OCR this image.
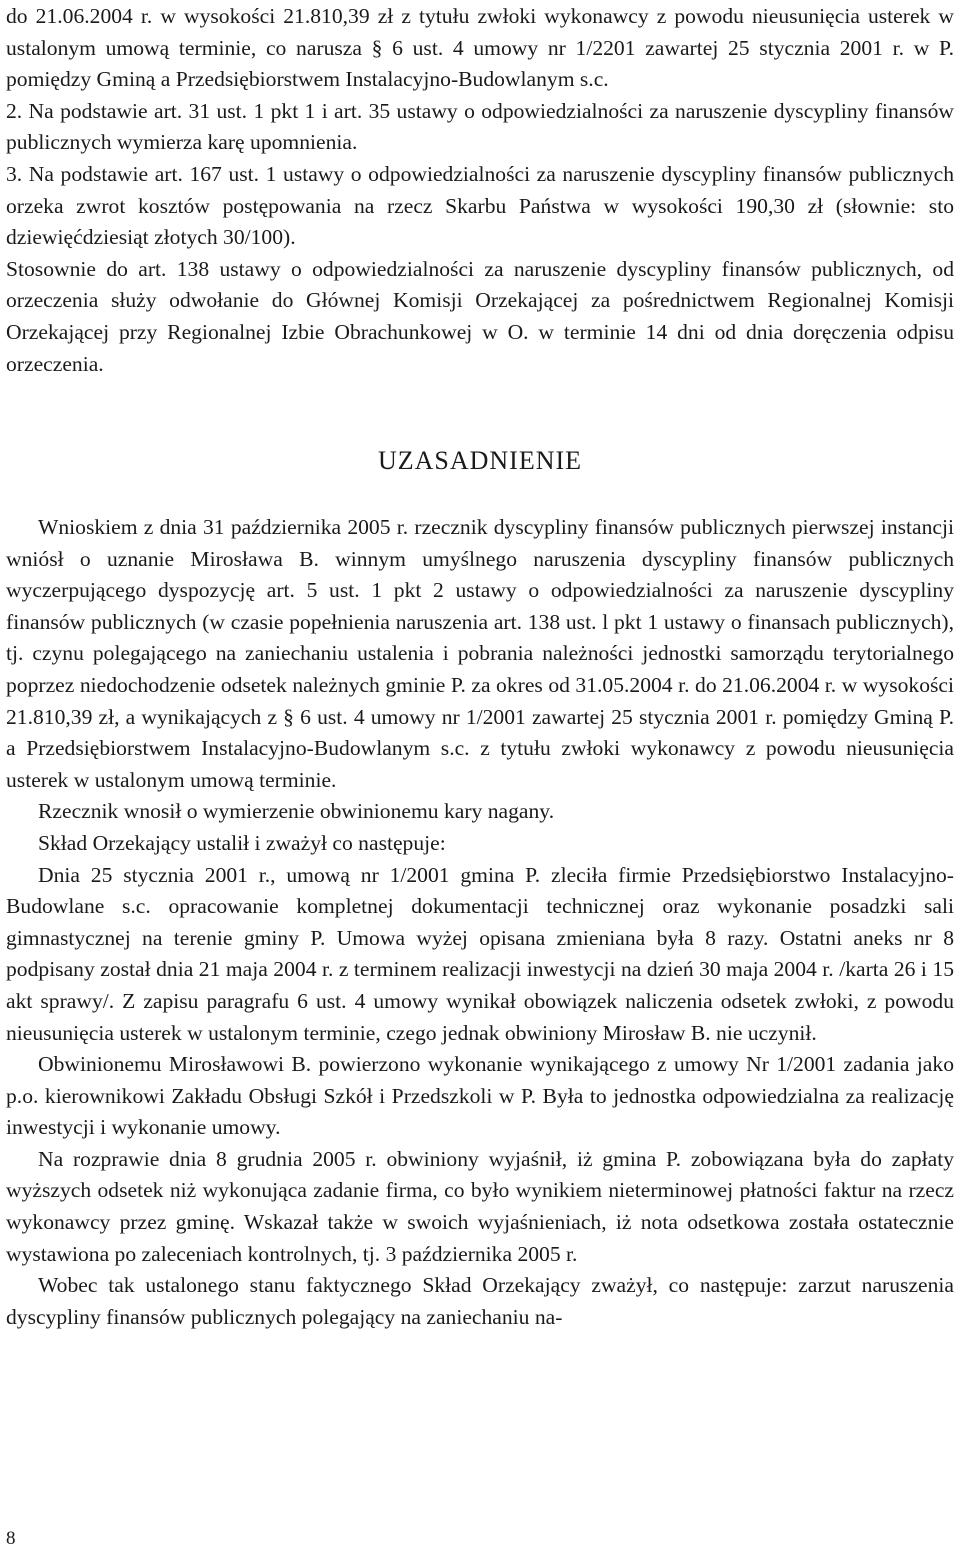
do 21.06.2004 r. w wysokości 21.810,39 zł z tytułu zwłoki wykonawcy z powodu nieusunięcia usterek w ustalonym umową terminie, co narusza § 6 ust. 4 umowy nr 1/2201 zawartej 25 stycznia 2001 r. w P. pomiędzy Gminą a Przedsiębiorstwem Instalacyjno-Budowlanym s.c.

2. Na podstawie art. 31 ust. 1 pkt 1 i art. 35 ustawy o odpowiedzialności za naruszenie dyscypliny finansów publicznych wymierza karę upomnienia.

3. Na podstawie art. 167 ust. 1 ustawy o odpowiedzialności za naruszenie dyscypliny finansów publicznych orzeka zwrot kosztów postępowania na rzecz Skarbu Państwa w wysokości 190,30 zł (słownie: sto dziewięćdziesiąt złotych 30/100).

Stosownie do art. 138 ustawy o odpowiedzialności za naruszenie dyscypliny finansów publicznych, od orzeczenia służy odwołanie do Głównej Komisji Orzekającej za pośrednictwem Regionalnej Komisji Orzekającej przy Regionalnej Izbie Obrachunkowej w O. w terminie 14 dni od dnia doręczenia odpisu orzeczenia.

UZASADNIENIE

Wnioskiem z dnia 31 października 2005 r. rzecznik dyscypliny finansów publicznych pierwszej instancji wniósł o uznanie Mirosława B. winnym umyślnego naruszenia dyscypliny finansów publicznych wyczerpującego dyspozycję art. 5 ust. 1 pkt 2 ustawy o odpowiedzialności za naruszenie dyscypliny finansów publicznych (w czasie popełnienia naruszenia art. 138 ust. l pkt 1 ustawy o finansach publicznych), tj. czynu polegającego na zaniechaniu ustalenia i pobrania należności jednostki samorządu terytorialnego poprzez niedochodzenie odsetek należnych gminie P. za okres od 31.05.2004 r. do 21.06.2004 r. w wysokości 21.810,39 zł, a wynikających z § 6 ust. 4 umowy nr 1/2001 zawartej 25 stycznia 2001 r. pomiędzy Gminą P. a Przedsiębiorstwem Instalacyjno-Budowlanym s.c. z tytułu zwłoki wykonawcy z powodu nieusunięcia usterek w ustalonym umową terminie.

Rzecznik wnosił o wymierzenie obwinionemu kary nagany.

Skład Orzekający ustalił i zważył co następuje:

Dnia 25 stycznia 2001 r., umową nr 1/2001 gmina P. zleciła firmie Przedsiębiorstwo Instalacyjno-Budowlane s.c. opracowanie kompletnej dokumentacji technicznej oraz wykonanie posadzki sali gimnastycznej na terenie gminy P. Umowa wyżej opisana zmieniana była 8 razy. Ostatni aneks nr 8 podpisany został dnia 21 maja 2004 r. z terminem realizacji inwestycji na dzień 30 maja 2004 r. /karta 26 i 15 akt sprawy/. Z zapisu paragrafu 6 ust. 4 umowy wynikał obowiązek naliczenia odsetek zwłoki, z powodu nieusunięcia usterek w ustalonym terminie, czego jednak obwiniony Mirosław B. nie uczynił.

Obwinionemu Mirosławowi B. powierzono wykonanie wynikającego z umowy Nr 1/2001 zadania jako p.o. kierownikowi Zakładu Obsługi Szkół i Przedszkoli w P. Była to jednostka odpowiedzialna za realizację inwestycji i wykonanie umowy.

Na rozprawie dnia 8 grudnia 2005 r. obwiniony wyjaśnił, iż gmina P. zobowiązana była do zapłaty wyższych odsetek niż wykonująca zadanie firma, co było wynikiem nieterminowej płatności faktur na rzecz wykonawcy przez gminę. Wskazał także w swoich wyjaśnieniach, iż nota odsetkowa została ostatecznie wystawiona po zaleceniach kontrolnych, tj. 3 października 2005 r.

Wobec tak ustalonego stanu faktycznego Skład Orzekający zważył, co następuje: zarzut naruszenia dyscypliny finansów publicznych polegający na zaniechaniu na-

8
